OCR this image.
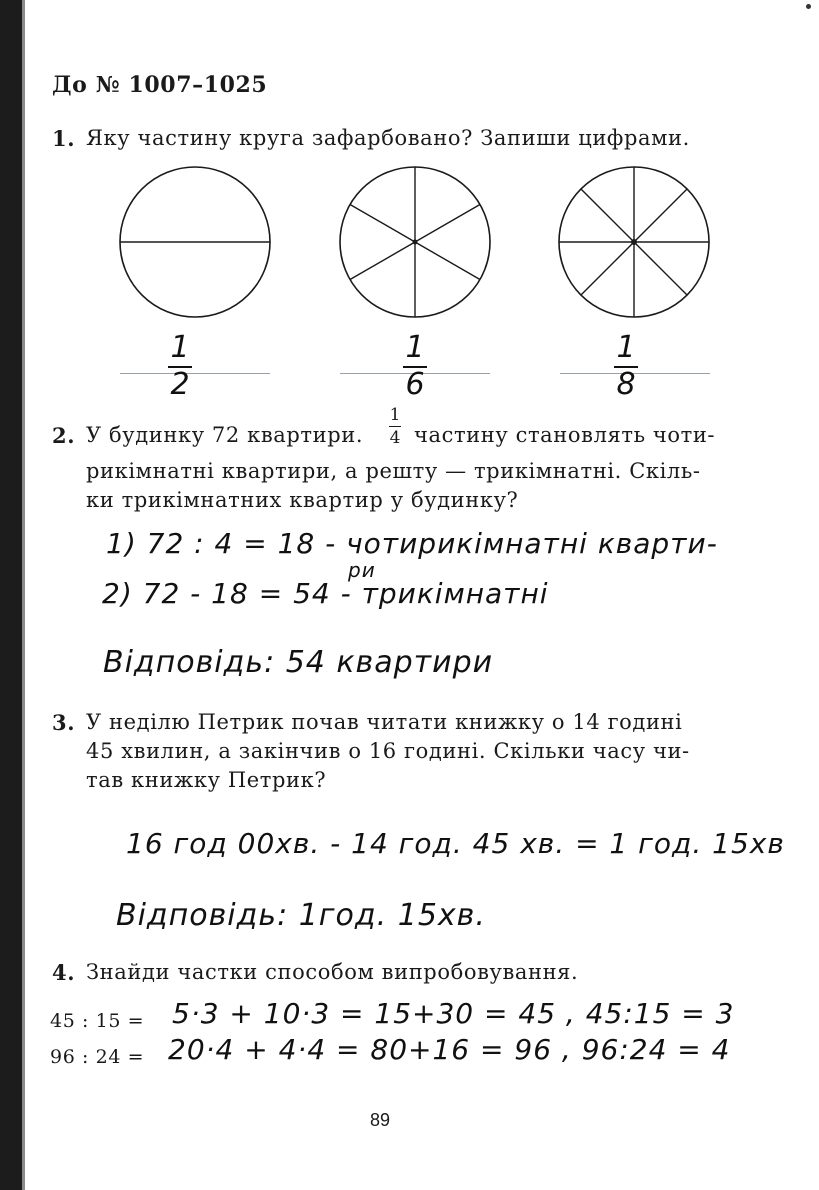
До № 1007–1025
1. Яку частину круга зафарбовано? Запиши цифрами.
1
2
1
6
1
8
2. У будинку 72 квартири.
1
4 частину становлять чоти-
рикімнатні квартири, а решту — трикімнатні. Скіль-
ки трикімнатних квартир у будинку?
1) 72 : 4 = 18 - чотирикімнатні кварти-
ри
2) 72 - 18 = 54 - трикімнатні
Відповідь: 54 квартири
3. У неділю Петрик почав читати книжку о 14 годині
45 хвилин, а закінчив о 16 годині. Скільки часу чи-
тав книжку Петрик?
16 год 00хв. - 14 год. 45 хв. = 1 год. 15хв
Відповідь: 1год. 15хв.
4. Знайди частки способом випробовування.
45 : 15 = 5·3 + 10·3 = 15+30 = 45 , 45:15 = 3
96 : 24 = 20·4 + 4·4 = 80+16 = 96 , 96:24 = 4
89
